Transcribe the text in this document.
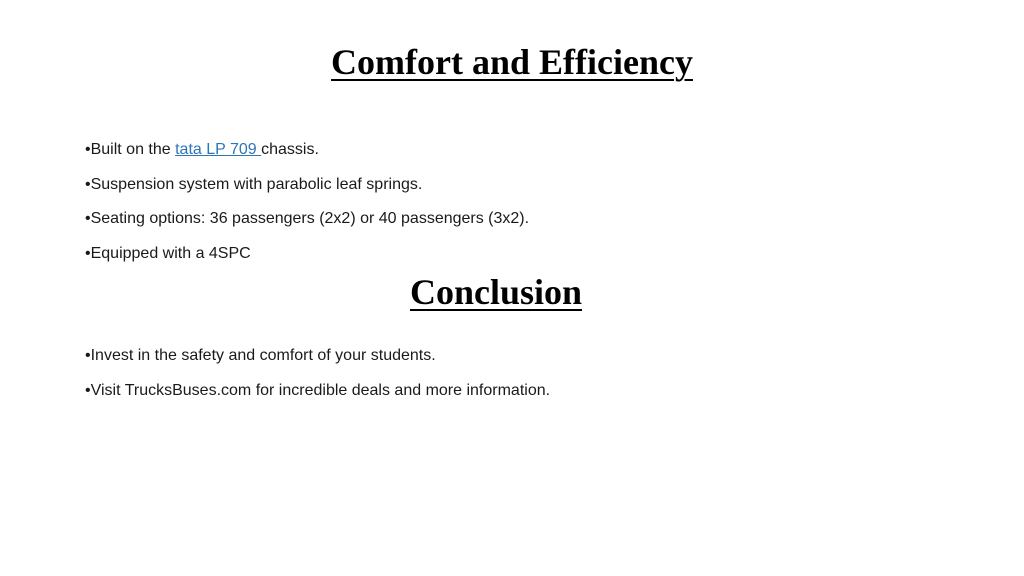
Comfort and Efficiency
•Built on the tata LP 709 chassis.
•Suspension system with parabolic leaf springs.
•Seating options: 36 passengers (2x2) or 40 passengers (3x2).
•Equipped with a 4SPC
Conclusion
•Invest in the safety and comfort of your students.
•Visit TrucksBuses.com for incredible deals and more information.
